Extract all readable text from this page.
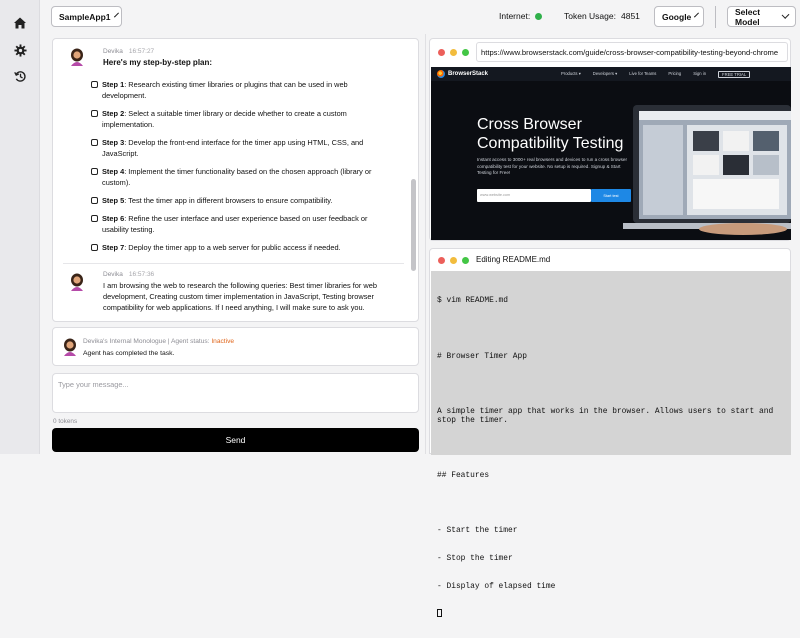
SampleApp1	Internet:	Token Usage: 4851	Google	Select Model
Devika 16:57:27
Here's my step-by-step plan:
Step 1: Research existing timer libraries or plugins that can be used in web development.
Step 2: Select a suitable timer library or decide whether to create a custom implementation.
Step 3: Develop the front-end interface for the timer app using HTML, CSS, and JavaScript.
Step 4: Implement the timer functionality based on the chosen approach (library or custom).
Step 5: Test the timer app in different browsers to ensure compatibility.
Step 6: Refine the user interface and user experience based on user feedback or usability testing.
Step 7: Deploy the timer app to a web server for public access if needed.
Devika 16:57:36
I am browsing the web to research the following queries: Best timer libraries for web development, Creating custom timer implementation in JavaScript, Testing browser compatibility for web applications. If I need anything, I will make sure to ask you.
Devika's Internal Monologue | Agent status: Inactive
Agent has completed the task.
Type your message...
0 tokens
Send
https://www.browserstack.com/guide/cross-browser-compatibility-testing-beyond-chrome
BrowserStack	Products ▾	Developers ▾	Live for Teams	Pricing	Sign in	FREE TRIAL
Cross Browser Compatibility Testing
Instant access to 3000+ real browsers and devices to run a cross browser compatibility test for your website. No setup is required. Signup & Start Testing for Free!
www.website.com	Start test
Editing README.md

$ vim README.md

# Browser Timer App

A simple timer app that works in the browser. Allows users to start and stop the timer.

## Features

- Start the timer

- Stop the timer

- Display of elapsed time
